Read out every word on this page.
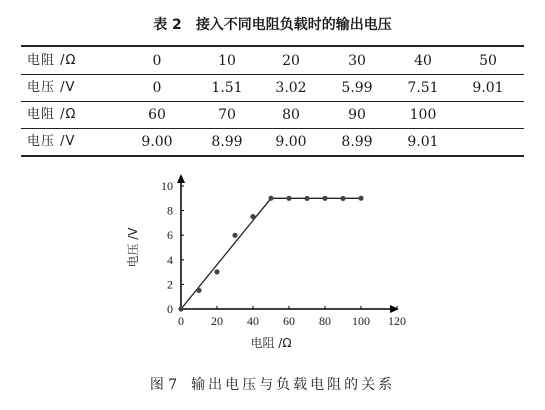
表 2 接入不同电阻负载时的输出电压
电阻 /Ω	0	10	20	30	40	50
电压 /V	0	1.51	3.02	5.99	7.51	9.01
电阻 /Ω	60	70	80	90	100
电压 /V	9.00	8.99	9.00	8.99	9.01
0 20 40 60 80 100 120
0
2
4
6
8
10
电阻 /Ω
电压 /V
图 7 输出电压与负载电阻的关系
